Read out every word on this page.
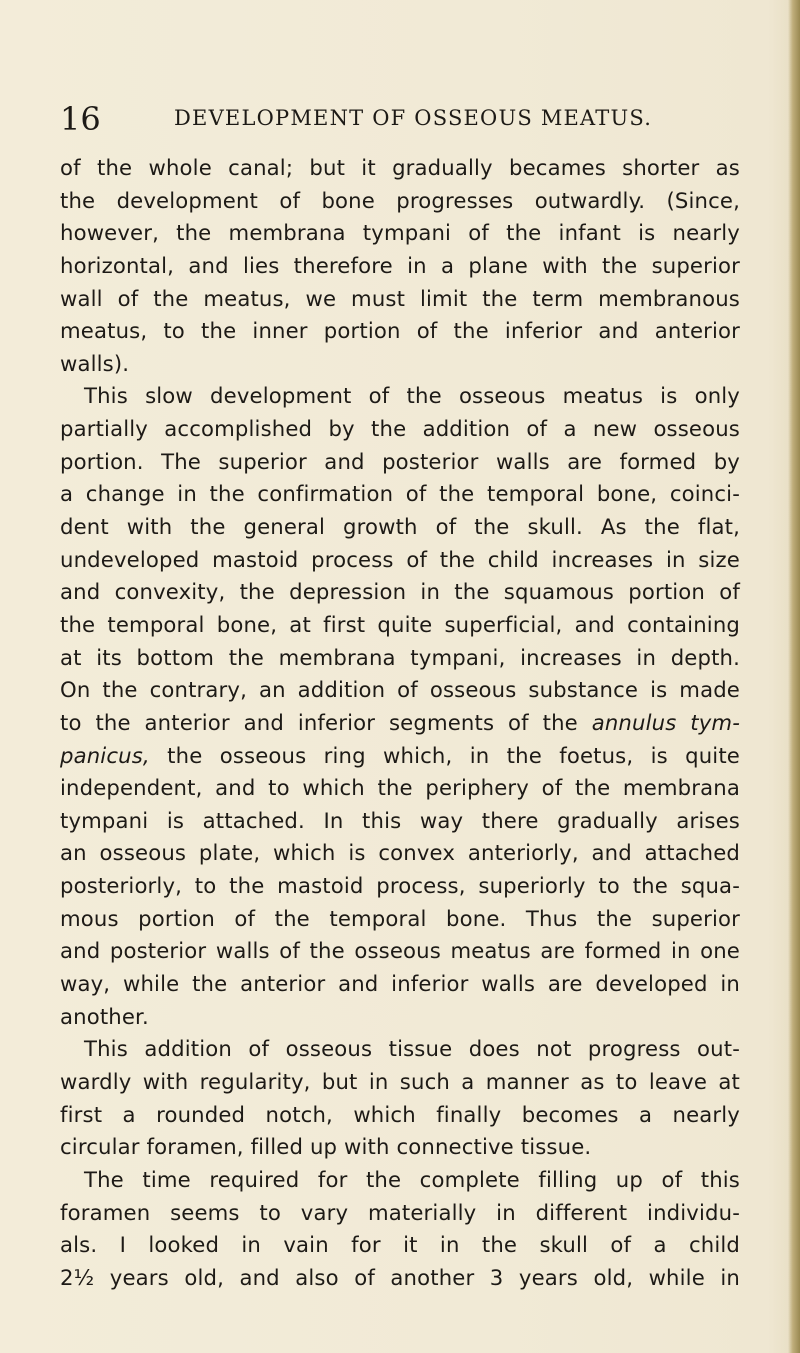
16	DEVELOPMENT OF OSSEOUS MEATUS.
of the whole canal; but it gradually becames shorter as
the development of bone progresses outwardly. (Since,
however, the membrana tympani of the infant is nearly
horizontal, and lies therefore in a plane with the superior
wall of the meatus, we must limit the term membranous
meatus, to the inner portion of the inferior and anterior
walls).
This slow development of the osseous meatus is only
partially accomplished by the addition of a new osseous
portion. The superior and posterior walls are formed by
a change in the confirmation of the temporal bone, coinci-
dent with the general growth of the skull. As the flat,
undeveloped mastoid process of the child increases in size
and convexity, the depression in the squamous portion of
the temporal bone, at first quite superficial, and containing
at its bottom the membrana tympani, increases in depth.
On the contrary, an addition of osseous substance is made
to the anterior and inferior segments of the annulus tym-
panicus, the osseous ring which, in the foetus, is quite
independent, and to which the periphery of the membrana
tympani is attached. In this way there gradually arises
an osseous plate, which is convex anteriorly, and attached
posteriorly, to the mastoid process, superiorly to the squa-
mous portion of the temporal bone. Thus the superior
and posterior walls of the osseous meatus are formed in one
way, while the anterior and inferior walls are developed in
another.
This addition of osseous tissue does not progress out-
wardly with regularity, but in such a manner as to leave at
first a rounded notch, which finally becomes a nearly
circular foramen, filled up with connective tissue.
The time required for the complete filling up of this
foramen seems to vary materially in different individu-
als. I looked in vain for it in the skull of a child
2½ years old, and also of another 3 years old, while in
